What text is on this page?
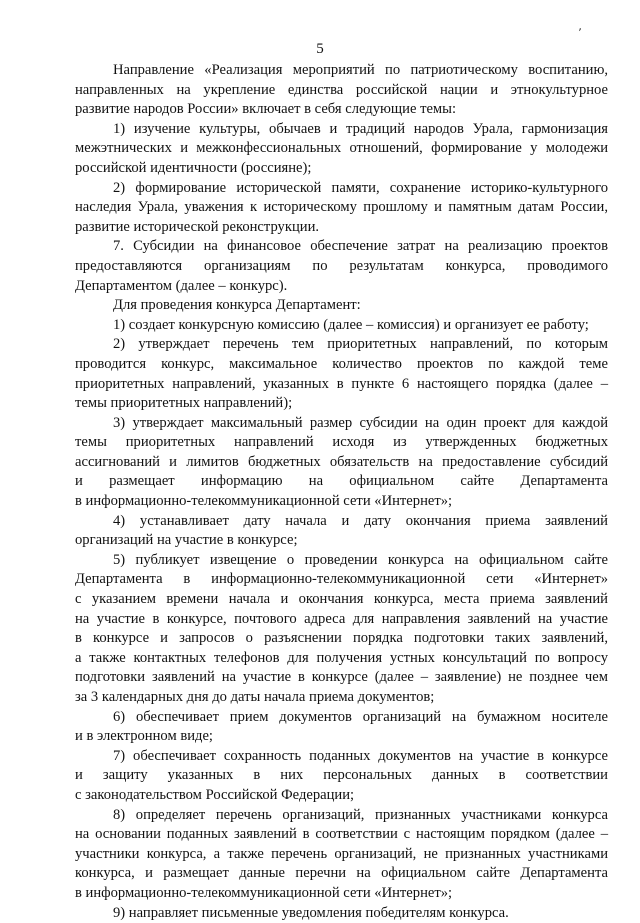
5
'

Направление «Реализация мероприятий по патриотическому воспитанию,
направленных на укрепление единства российской нации и этнокультурное
развитие народов России» включает в себя следующие темы:

1) изучение культуры, обычаев и традиций народов Урала, гармонизация
межэтнических и межконфессиональных отношений, формирование у молодежи
российской идентичности (россияне);

2) формирование исторической памяти, сохранение историко-культурного
наследия Урала, уважения к историческому прошлому и памятным датам России,
развитие исторической реконструкции.

7. Субсидии на финансовое обеспечение затрат на реализацию проектов
предоставляются организациям по результатам конкурса, проводимого
Департаментом (далее – конкурс).

Для проведения конкурса Департамент:

1) создает конкурсную комиссию (далее – комиссия) и организует ее работу;

2) утверждает перечень тем приоритетных направлений, по которым
проводится конкурс, максимальное количество проектов по каждой теме
приоритетных направлений, указанных в пункте 6 настоящего порядка (далее –
темы приоритетных направлений);

3) утверждает максимальный размер субсидии на один проект для каждой
темы приоритетных направлений исходя из утвержденных бюджетных
ассигнований и лимитов бюджетных обязательств на предоставление субсидий
и размещает информацию на официальном сайте Департамента
в информационно-телекоммуникационной сети «Интернет»;

4) устанавливает дату начала и дату окончания приема заявлений
организаций на участие в конкурсе;

5) публикует извещение о проведении конкурса на официальном сайте
Департамента в информационно-телекоммуникационной сети «Интернет»
с указанием времени начала и окончания конкурса, места приема заявлений
на участие в конкурсе, почтового адреса для направления заявлений на участие
в конкурсе и запросов о разъяснении порядка подготовки таких заявлений,
а также контактных телефонов для получения устных консультаций по вопросу
подготовки заявлений на участие в конкурсе (далее – заявление) не позднее чем
за 3 календарных дня до даты начала приема документов;

6) обеспечивает прием документов организаций на бумажном носителе
и в электронном виде;

7) обеспечивает сохранность поданных документов на участие в конкурсе
и защиту указанных в них персональных данных в соответствии
с законодательством Российской Федерации;

8) определяет перечень организаций, признанных участниками конкурса
на основании поданных заявлений в соответствии с настоящим порядком (далее –
участники конкурса, а также перечень организаций, не признанных участниками
конкурса, и размещает данные перечни на официальном сайте Департамента
в информационно-телекоммуникационной сети «Интернет»;

9) направляет письменные уведомления победителям конкурса.
